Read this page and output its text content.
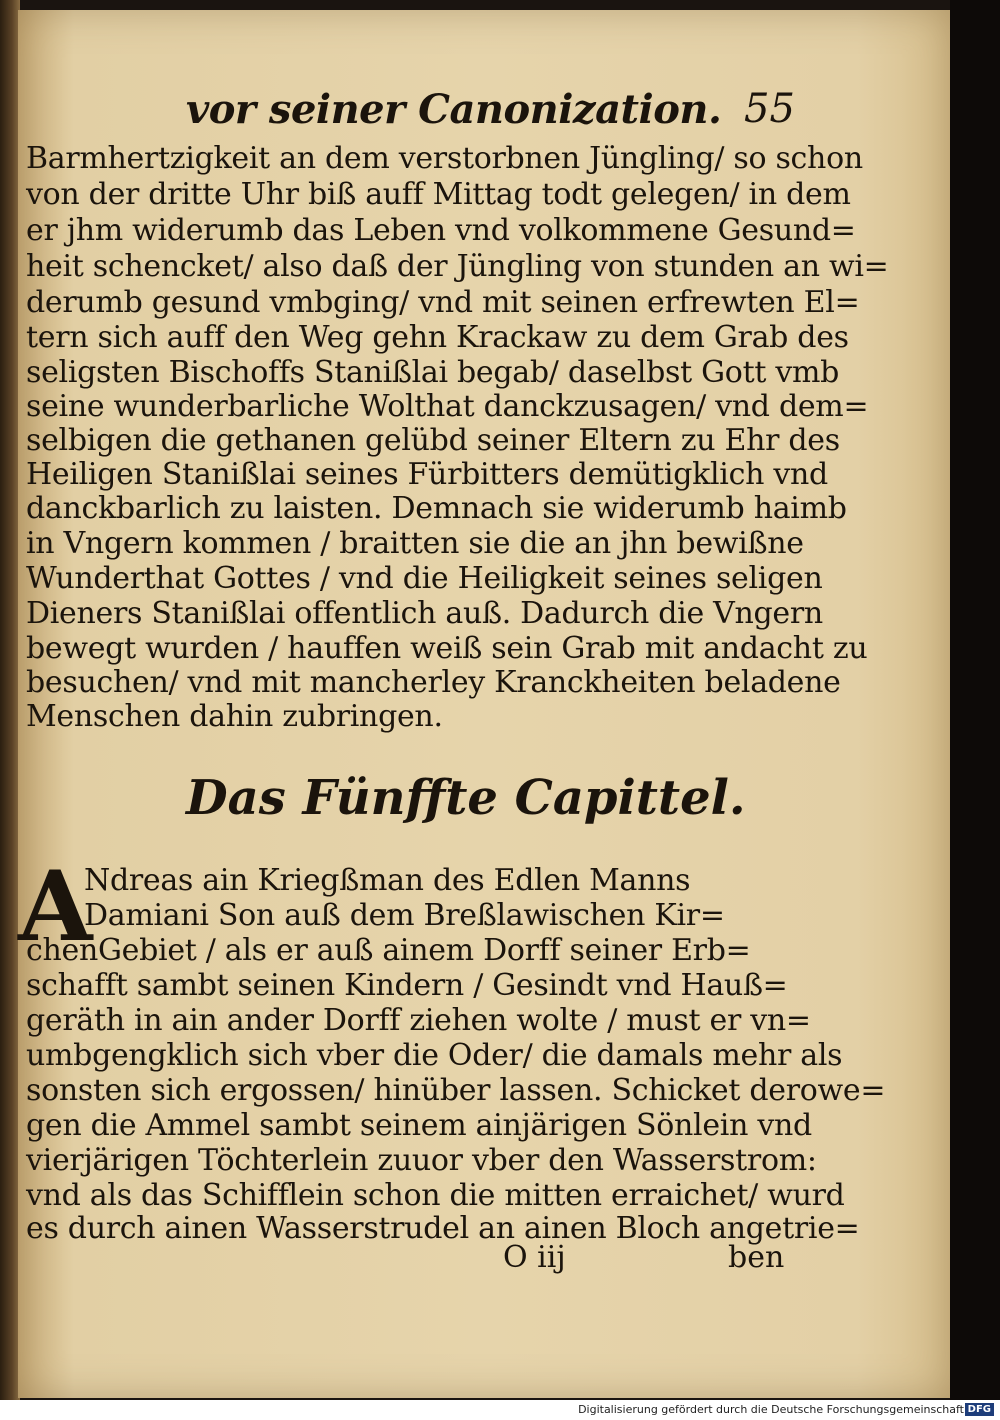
vor seiner Canonization. 55
Barmhertzigkeit an dem verstorbnen Jüngling/ so schon
von der dritte Uhr biß auff Mittag todt gelegen/ in dem
er jhm widerumb das Leben vnd volkommene Gesund=
heit schencket/ also daß der Jüngling von stunden an wi=
derumb gesund vmbging/ vnd mit seinen erfrewten El=
tern sich auff den Weg gehn Krackaw zu dem Grab des
seligsten Bischoffs Stanißlai begab/ daselbst Gott vmb
seine wunderbarliche Wolthat danckzusagen/ vnd dem=
selbigen die gethanen gelübd seiner Eltern zu Ehr des
Heiligen Stanißlai seines Fürbitters demütigklich vnd
danckbarlich zu laisten. Demnach sie widerumb haimb
in Vngern kommen / braitten sie die an jhn bewißne
Wunderthat Gottes / vnd die Heiligkeit seines seligen
Dieners Stanißlai offentlich auß. Dadurch die Vngern
bewegt wurden / hauffen weiß sein Grab mit andacht zu
besuchen/ vnd mit mancherley Kranckheiten beladene
Menschen dahin zubringen.
Das Fünffte Capittel.
A
Ndreas ain Kriegßman des Edlen Manns
Damiani Son auß dem Breßlawischen Kir=
chenGebiet / als er auß ainem Dorff seiner Erb=
schafft sambt seinen Kindern / Gesindt vnd Hauß=
geräth in ain ander Dorff ziehen wolte / must er vn=
umbgengklich sich vber die Oder/ die damals mehr als
sonsten sich ergossen/ hinüber lassen. Schicket derowe=
gen die Ammel sambt seinem ainjärigen Sönlein vnd
vierjärigen Töchterlein zuuor vber den Wasserstrom:
vnd als das Schifflein schon die mitten erraichet/ wurd
es durch ainen Wasserstrudel an ainen Bloch angetrie=
O iij	ben
Digitalisierung gefördert durch die Deutsche Forschungsgemeinschaft DFG
